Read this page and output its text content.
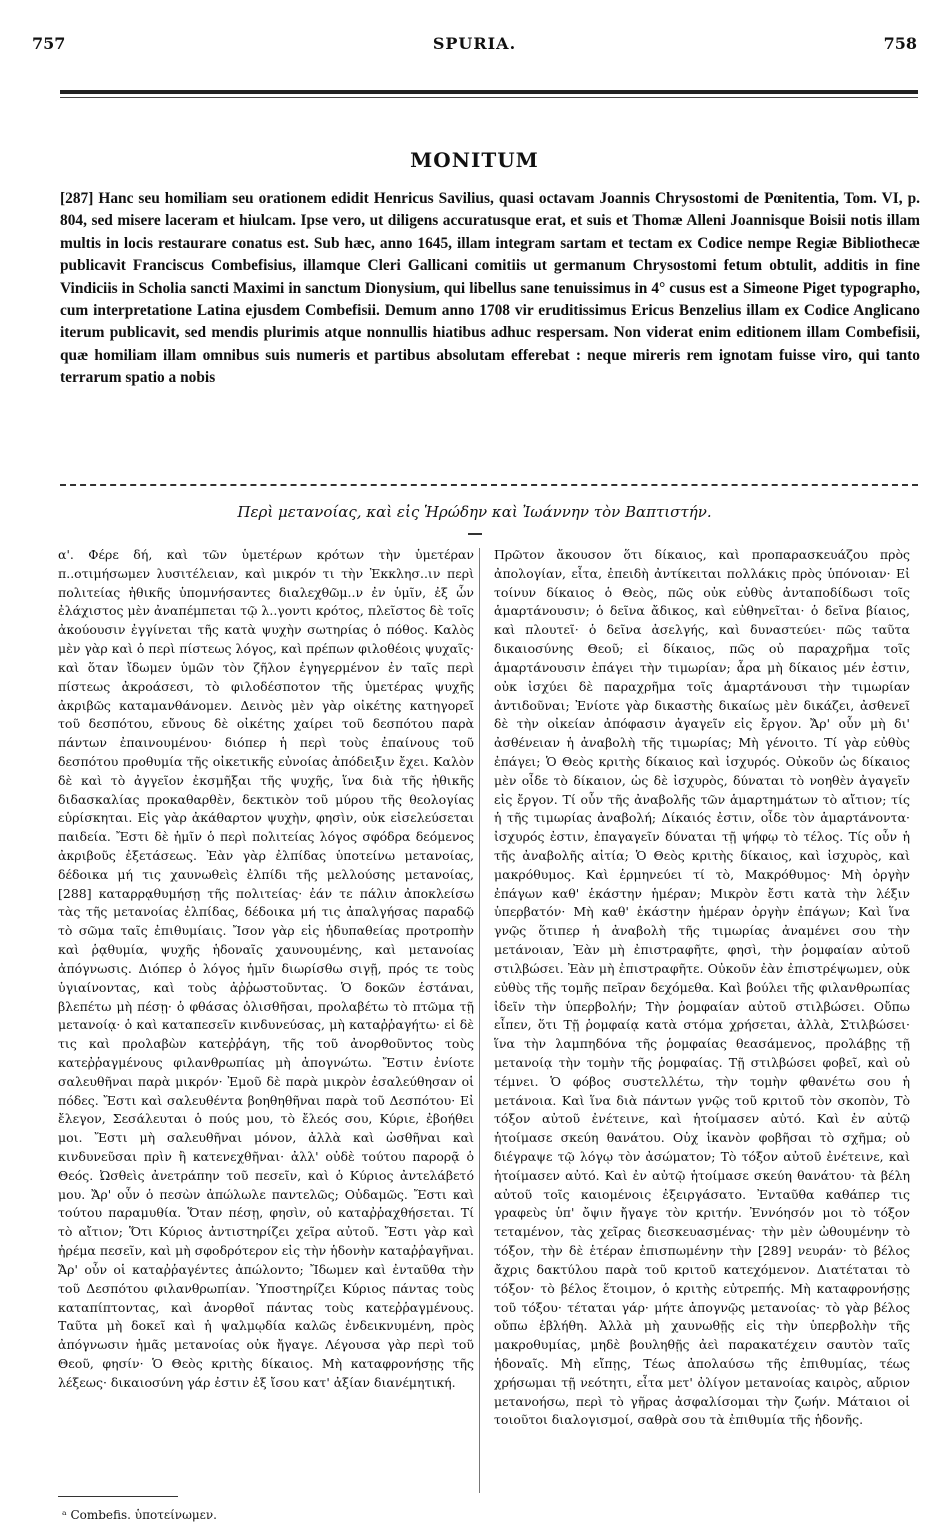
757	SPURIA.	758
MONITUM

[287] Hanc seu homiliam seu orationem edidit Henricus Savilius, quasi octavam Joannis Chrysostomi de Pœnitentia, Tom. VI, p. 804, sed misere laceram et hiulcam. Ipse vero, ut diligens accuratusque erat, et suis et Thomæ Alleni Joannisque Boisii notis illam multis in locis restaurare conatus est. Sub hæc, anno 1645, illam integram sartam et tectam ex Codice nempe Regiæ Bibliothecæ publicavit Franciscus Combefisius, illamque Cleri Gallicani comitiis ut germanum Chrysostomi fetum obtulit, additis in fine Vindiciis in Scholia sancti Maximi in sanctum Dionysium, qui libellus sane tenuissimus in 4° cusus est a Simeone Piget typographo, cum interpretatione Latina ejusdem Combefisii. Demum anno 1708 vir eruditissimus Ericus Benzelius illam ex Codice Anglicano iterum publicavit, sed mendis plurimis atque nonnullis hiatibus adhuc respersam. Non viderat enim editionem illam Combefisii, quæ homiliam illam omnibus suis numeris et partibus absolutam efferebat : neque mireris rem ignotam fuisse viro, qui tanto terrarum spatio a nobis

Περὶ μετανοίας, καὶ εἰς Ἡρώδην καὶ Ἰωάννην τὸν Βαπτιστήν.

α'. Φέρε δή, καὶ τῶν ὑμετέρων κρότων τὴν ὑμετέραν π..οτιμήσωμεν λυσιτέλειαν, καὶ μικρόν τι τὴν Ἐκκλησ..ιν περὶ πολιτείας ἠθικῆς ὑπομνήσαντες διαλεχθῶμ..ν ἐν ὑμῖν, ἐξ ὧν ἐλάχιστος μὲν ἀναπέμπεται τῷ λ..γοντι κρότος, πλεῖστος δὲ τοῖς ἀκούουσιν ἐγγίνεται τῆς κατὰ ψυχὴν σωτηρίας ὁ πόθος. Καλὸς μὲν γὰρ καὶ ὁ περὶ πίστεως λόγος, καὶ πρέπων φιλοθέοις ψυχαῖς· καὶ ὅταν ἴδωμεν ὑμῶν τὸν ζῆλον ἐγηγερμένον ἐν ταῖς περὶ πίστεως ἀκροάσεσι, τὸ φιλοδέσποτον τῆς ὑμετέρας ψυχῆς ἀκριβῶς καταμανθάνομεν. Δεινὸς μὲν γὰρ οἰκέτης κατηγορεῖ τοῦ δεσπότου, εὔνους δὲ οἰκέτης χαίρει τοῦ δεσπότου παρὰ πάντων ἐπαινουμένου· διόπερ ἡ περὶ τοὺς ἐπαίνους τοῦ δεσπότου προθυμία τῆς οἰκετικῆς εὐνοίας ἀπόδειξιν ἔχει. Καλὸν δὲ καὶ τὸ ἀγγεῖον ἐκσμῆξαι τῆς ψυχῆς, ἵνα διὰ τῆς ἠθικῆς διδασκαλίας προκαθαρθὲν, δεκτικὸν τοῦ μύρου τῆς θεολογίας εὑρίσκηται. Εἰς γὰρ ἀκάθαρτον ψυχὴν, φησὶν, οὐκ εἰσελεύσεται παιδεία. Ἔστι δὲ ἡμῖν ὁ περὶ πολιτείας λόγος σφόδρα δεόμενος ἀκριβοῦς ἐξετάσεως. Ἐὰν γὰρ ἐλπίδας ὑποτείνω μετανοίας, δέδοικα μή τις χαυνωθεὶς ἐλπίδι τῆς μελλούσης μετανοίας, [288] καταρρᾳθυμήσῃ τῆς πολιτείας· ἐάν τε πάλιν ἀποκλείσω τὰς τῆς μετανοίας ἐλπίδας, δέδοικα μή τις ἀπαλγήσας παραδῷ τὸ σῶμα ταῖς ἐπιθυμίαις. Ἴσον γὰρ εἰς ἡδυπαθείας προτροπὴν καὶ ῥᾳθυμία, ψυχῆς ἡδοναῖς χαυνουμένης, καὶ μετανοίας ἀπόγνωσις. Διόπερ ὁ λόγος ἡμῖν διωρίσθω σιγῇ, πρός τε τοὺς ὑγιαίνοντας, καὶ τοὺς ἀῤῥωστοῦντας. Ὁ δοκῶν ἑστάναι, βλεπέτω μὴ πέσῃ· ὁ φθάσας ὀλισθῆσαι, προλαβέτω τὸ πτῶμα τῇ μετανοίᾳ· ὁ καὶ καταπεσεῖν κινδυνεύσας, μὴ καταῤῥαγήτω· εἰ δὲ τις καὶ προλαβὼν κατεῤῥάγη, τῆς τοῦ ἀνορθοῦντος τοὺς κατεῤῥαγμένους φιλανθρωπίας μὴ ἀπογνώτω. Ἔστιν ἐνίοτε σαλευθῆναι παρὰ μικρόν· Ἐμοῦ δὲ παρὰ μικρὸν ἐσαλεύθησαν οἱ πόδες. Ἔστι καὶ σαλευθέντα βοηθηθῆναι παρὰ τοῦ Δεσπότου· Εἰ ἔλεγον, Σεσάλευται ὁ πούς μου, τὸ ἔλεός σου, Κύριε, ἐβοήθει μοι. Ἔστι μὴ σαλευθῆναι μόνον, ἀλλὰ καὶ ὠσθῆναι καὶ κινδυνεῦσαι πρὶν ἢ κατενεχθῆναι· ἀλλ' οὐδὲ τούτου παρορᾷ ὁ Θεός. Ὠσθεὶς ἀνετράπην τοῦ πεσεῖν, καὶ ὁ Κύριος ἀντελάβετό μου. Ἄρ' οὖν ὁ πεσὼν ἀπώλωλε παντελῶς; Οὐδαμῶς. Ἔστι καὶ τούτου παραμυθία. Ὅταν πέσῃ, φησὶν, οὐ καταῤῥαχθήσεται. Τί τὸ αἴτιον; Ὅτι Κύριος ἀντιστηρίζει χεῖρα αὐτοῦ. Ἔστι γὰρ καὶ ἠρέμα πεσεῖν, καὶ μὴ σφοδρότερον εἰς τὴν ἡδονὴν καταῤῥαγῆναι. Ἄρ' οὖν οἱ καταῤῥαγέντες ἀπώλοντο; Ἴδωμεν καὶ ἐνταῦθα τὴν τοῦ Δεσπότου φιλανθρωπίαν. Ὑποστηρίζει Κύριος πάντας τοὺς καταπίπτοντας, καὶ ἀνορθοῖ πάντας τοὺς κατεῤῥαγμένους. Ταῦτα μὴ δοκεῖ καὶ ἡ ψαλμῳδία καλῶς ἐνδεικνυμένη, πρὸς ἀπόγνωσιν ἡμᾶς μετανοίας οὐκ ἤγαγε. Λέγουσα γὰρ περὶ τοῦ Θεοῦ, φησίν· Ὁ Θεὸς κριτὴς δίκαιος. Μὴ καταφρονήσῃς τῆς λέξεως· δικαιοσύνη γάρ ἐστιν ἐξ ἴσου κατ' ἀξίαν διανέμητική.

Πρῶτον ἄκουσον ὅτι δίκαιος, καὶ προπαρασκευάζου πρὸς ἀπολογίαν, εἶτα, ἐπειδὴ ἀντίκειται πολλάκις πρὸς ὑπόνοιαν· Εἰ τοίνυν δίκαιος ὁ Θεὸς, πῶς οὐκ εὐθὺς ἀνταποδίδωσι τοῖς ἁμαρτάνουσιν; ὁ δεῖνα ἄδικος, καὶ εὐθηνεῖται· ὁ δεῖνα βίαιος, καὶ πλουτεῖ· ὁ δεῖνα ἀσελγής, καὶ δυναστεύει· πῶς ταῦτα δικαιοσύνης Θεοῦ; εἰ δίκαιος, πῶς οὐ παραχρῆμα τοῖς ἁμαρτάνουσιν ἐπάγει τὴν τιμωρίαν; ἆρα μὴ δίκαιος μέν ἐστιν, οὐκ ἰσχύει δὲ παραχρῆμα τοῖς ἁμαρτάνουσι τὴν τιμωρίαν ἀντιδοῦναι; Ἐνίοτε γὰρ δικαστὴς δικαίως μὲν δικάζει, ἀσθενεῖ δὲ τὴν οἰκείαν ἀπόφασιν ἀγαγεῖν εἰς ἔργον. Ἄρ' οὖν μὴ δι' ἀσθένειαν ἡ ἀναβολὴ τῆς τιμωρίας; Μὴ γένοιτο. Τί γὰρ εὐθὺς ἐπάγει; Ὁ Θεὸς κριτὴς δίκαιος καὶ ἰσχυρός. Οὐκοῦν ὡς δίκαιος μὲν οἶδε τὸ δίκαιον, ὡς δὲ ἰσχυρὸς, δύναται τὸ νοηθὲν ἀγαγεῖν εἰς ἔργον. Τί οὖν τῆς ἀναβολῆς τῶν ἁμαρτημάτων τὸ αἴτιον; τίς ἡ τῆς τιμωρίας ἀναβολή; Δίκαιός ἐστιν, οἶδε τὸν ἁμαρτάνοντα· ἰσχυρός ἐστιν, ἐπαγαγεῖν δύναται τῇ ψήφῳ τὸ τέλος. Τίς οὖν ἡ τῆς ἀναβολῆς αἰτία; Ὁ Θεὸς κριτὴς δίκαιος, καὶ ἰσχυρὸς, καὶ μακρόθυμος. Καὶ ἑρμηνεύει τί τὸ, Μακρόθυμος· Μὴ ὀργὴν ἐπάγων καθ' ἑκάστην ἡμέραν; Μικρὸν ἔστι κατὰ τὴν λέξιν ὑπερβατόν· Μὴ καθ' ἑκάστην ἡμέραν ὀργὴν ἐπάγων; Καὶ ἵνα γνῷς ὅτιπερ ἡ ἀναβολὴ τῆς τιμωρίας ἀναμένει σου τὴν μετάνοιαν, Ἐὰν μὴ ἐπιστραφῆτε, φησὶ, τὴν ῥομφαίαν αὐτοῦ στιλβώσει. Ἐὰν μὴ ἐπιστραφῆτε. Οὐκοῦν ἐὰν ἐπιστρέψωμεν, οὐκ εὐθὺς τῆς τομῆς πεῖραν δεχόμεθα. Καὶ βούλει τῆς φιλανθρωπίας ἰδεῖν τὴν ὑπερβολήν; Τὴν ῥομφαίαν αὐτοῦ στιλβώσει. Οὔπω εἶπεν, ὅτι Τῇ ῥομφαίᾳ κατὰ στόμα χρήσεται, ἀλλὰ, Στιλβώσει· ἵνα τὴν λαμπηδόνα τῆς ῥομφαίας θεασάμενος, προλάβῃς τῇ μετανοίᾳ τὴν τομὴν τῆς ῥομφαίας. Τῇ στιλβώσει φοβεῖ, καὶ οὐ τέμνει. Ὁ φόβος συστελλέτω, τὴν τομὴν φθανέτω σου ἡ μετάνοια. Καὶ ἵνα διὰ πάντων γνῷς τοῦ κριτοῦ τὸν σκοπὸν, Τὸ τόξον αὐτοῦ ἐνέτεινε, καὶ ἡτοίμασεν αὐτό. Καὶ ἐν αὐτῷ ἡτοίμασε σκεύη θανάτου. Οὐχ ἱκανὸν φοβῆσαι τὸ σχῆμα; οὐ διέγραψε τῷ λόγῳ τὸν ἀσώματον; Τὸ τόξον αὐτοῦ ἐνέτεινε, καὶ ἡτοίμασεν αὐτό. Καὶ ἐν αὐτῷ ἡτοίμασε σκεύη θανάτου· τὰ βέλη αὐτοῦ τοῖς καιομένοις ἐξειργάσατο. Ἐνταῦθα καθάπερ τις γραφεὺς ὑπ' ὄψιν ἤγαγε τὸν κριτήν. Ἐννόησόν μοι τὸ τόξον τεταμένον, τὰς χεῖρας διεσκευασμένας· τὴν μὲν ὠθουμένην τὸ τόξον, τὴν δὲ ἑτέραν ἐπισπωμένην τὴν [289] νευράν· τὸ βέλος ἄχρις δακτύλου παρὰ τοῦ κριτοῦ κατεχόμενον. Διατέταται τὸ τόξον· τὸ βέλος ἕτοιμον, ὁ κριτὴς εὐτρεπής. Μὴ καταφρονήσῃς τοῦ τόξου· τέταται γάρ· μήτε ἀπογνῷς μετανοίας· τὸ γὰρ βέλος οὔπω ἐβλήθη. Ἀλλὰ μὴ χαυνωθῇς εἰς τὴν ὑπερβολὴν τῆς μακροθυμίας, μηδὲ βουληθῇς ἀεὶ παρακατέχειν σαυτὸν ταῖς ἡδοναῖς. Μὴ εἴπῃς, Τέως ἀπολαύσω τῆς ἐπιθυμίας, τέως χρήσωμαι τῇ νεότητι, εἶτα μετ' ὀλίγον μετανοίας καιρὸς, αὔριον μετανοήσω, περὶ τὸ γῆρας ἀσφαλίσομαι τὴν ζωήν. Μάταιοι οἱ τοιοῦτοι διαλογισμοί, σαθρὰ σου τὰ ἐπιθυμία τῆς ἡδονῆς.

ᵃ Combefis. ὑποτείνωμεν.
